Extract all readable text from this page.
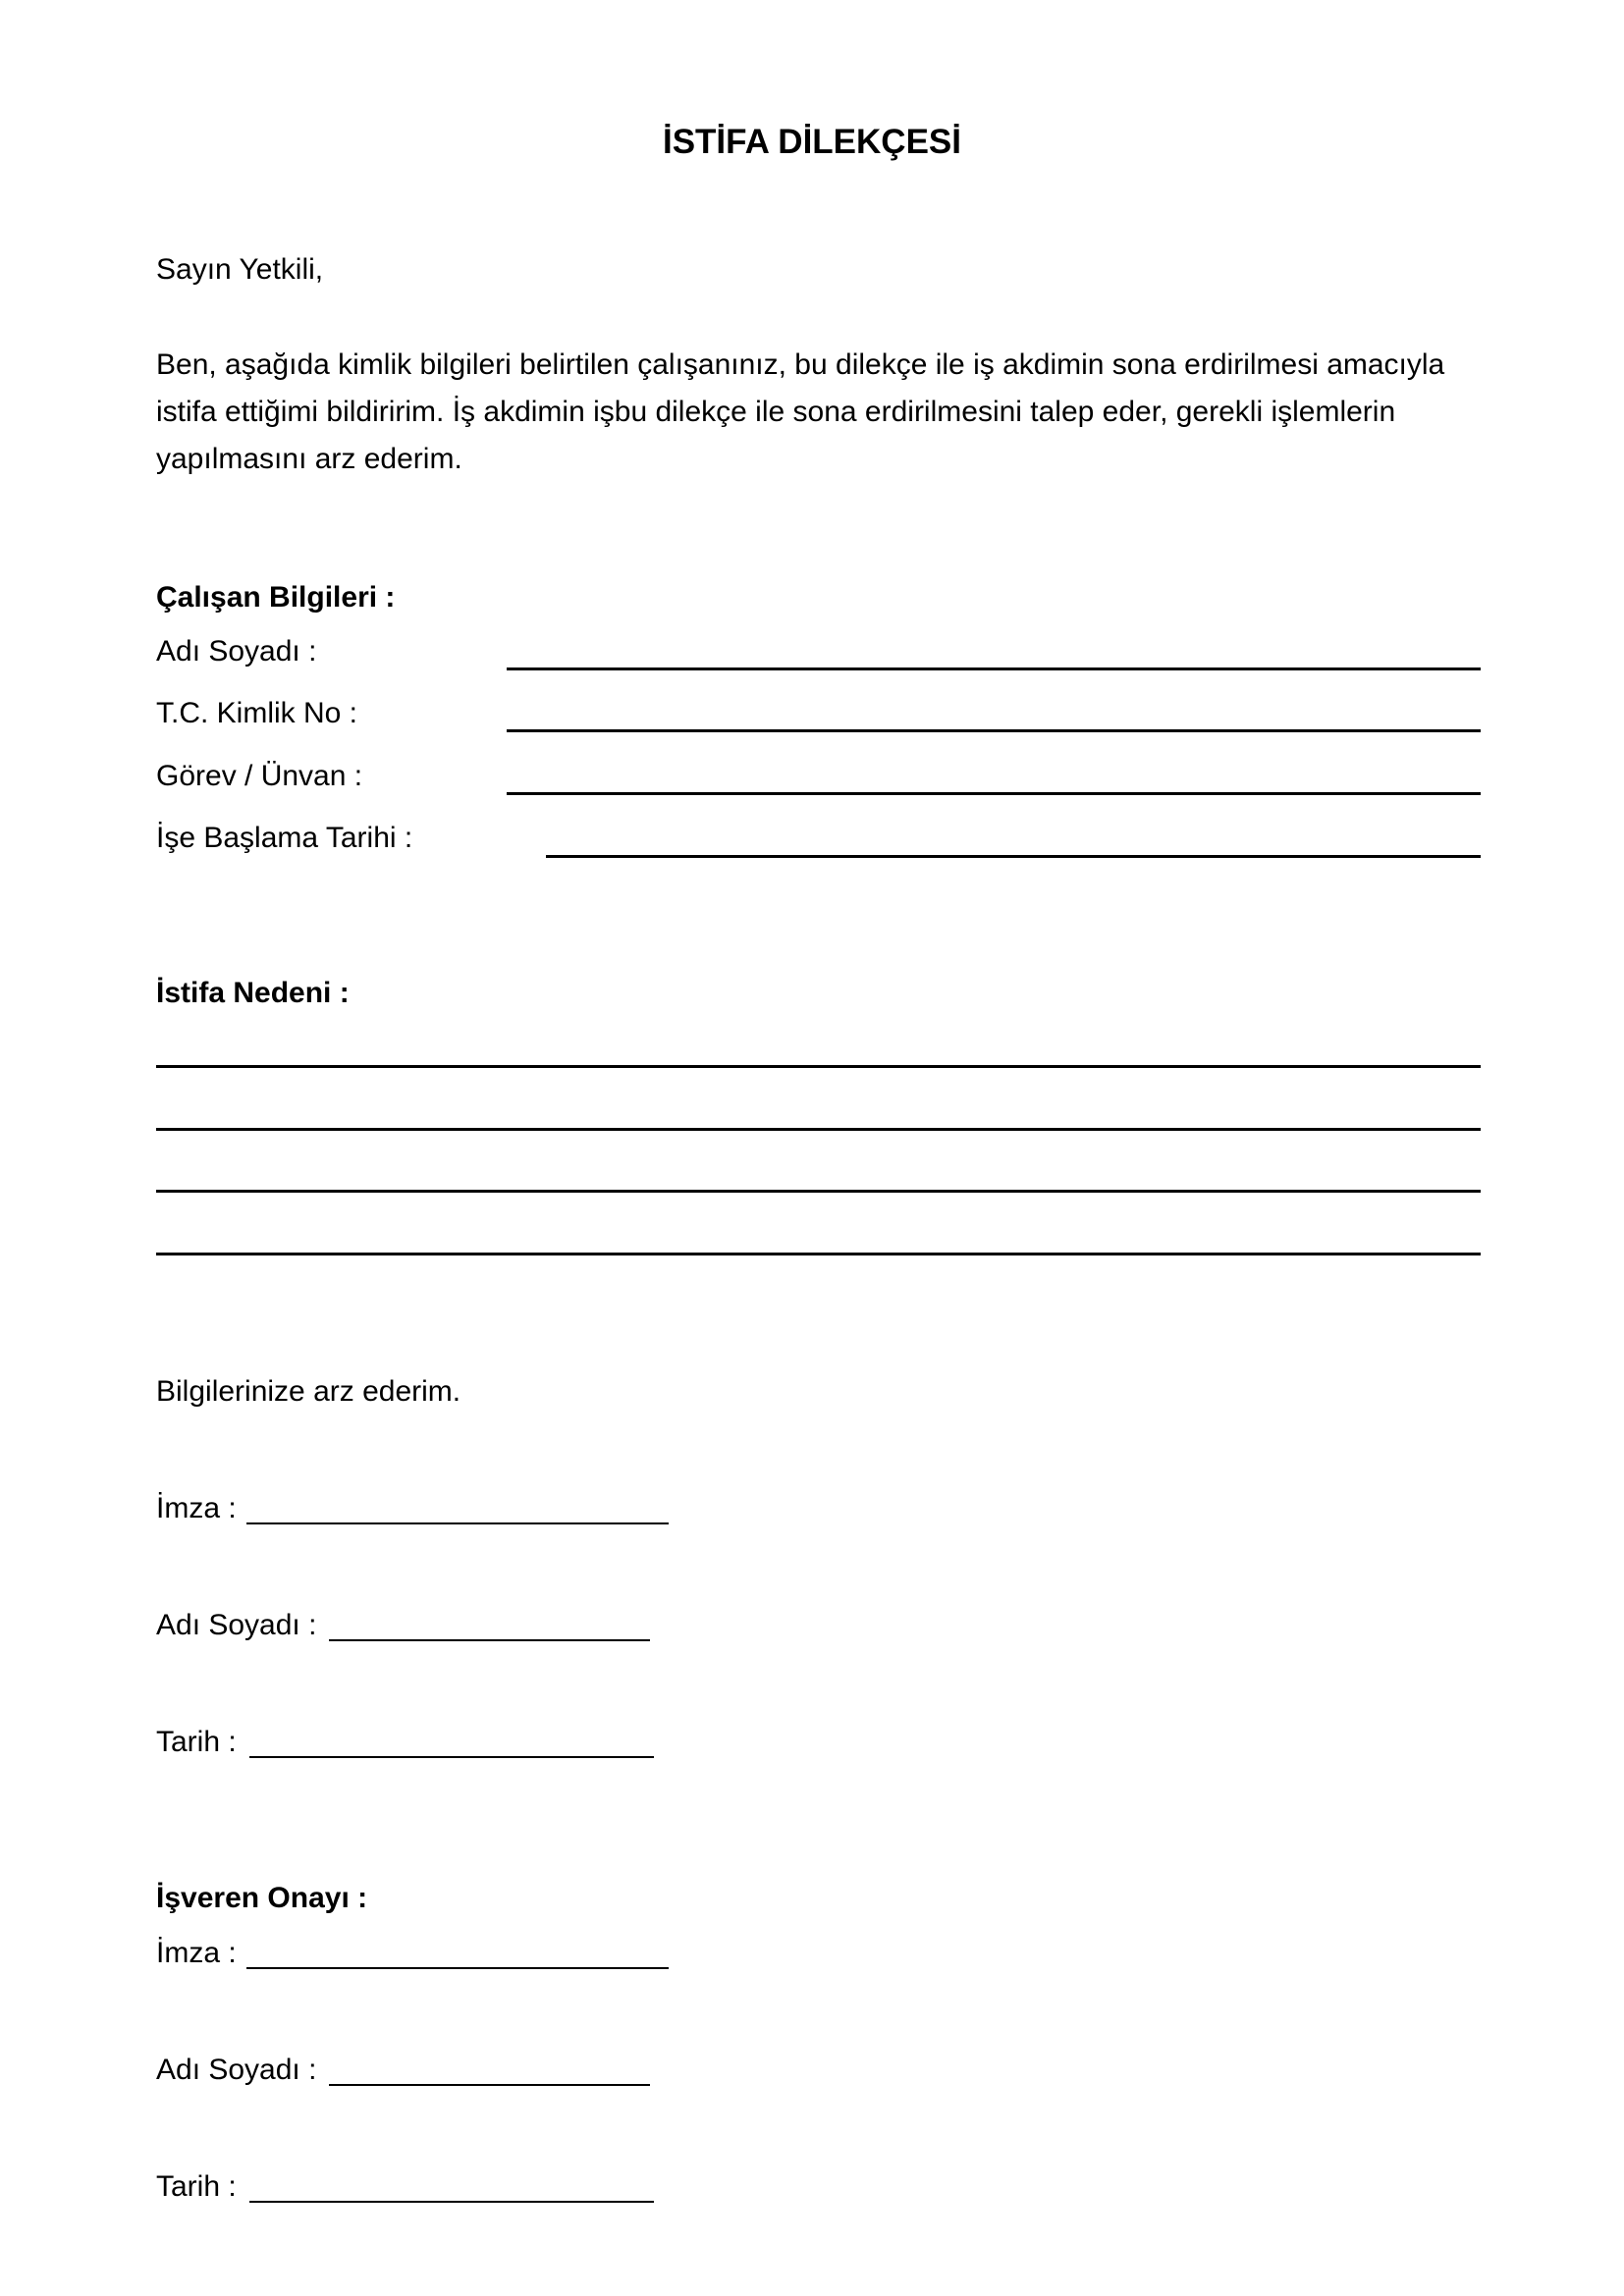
İSTİFA DİLEKÇESİ
Sayın Yetkili,
Ben, aşağıda kimlik bilgileri belirtilen çalışanınız, bu dilekçe ile iş akdimin sona erdirilmesi amacıyla
istifa ettiğimi bildiririm. İş akdimin işbu dilekçe ile sona erdirilmesini talep eder, gerekli işlemlerin
yapılmasını arz ederim.
Çalışan Bilgileri :
Adı Soyadı :
T.C. Kimlik No :
Görev / Ünvan :
İşe Başlama Tarihi :
İstifa Nedeni :
Bilgilerinize arz ederim.
İmza :
Adı Soyadı :
Tarih :
İşveren Onayı :
İmza :
Adı Soyadı :
Tarih :
